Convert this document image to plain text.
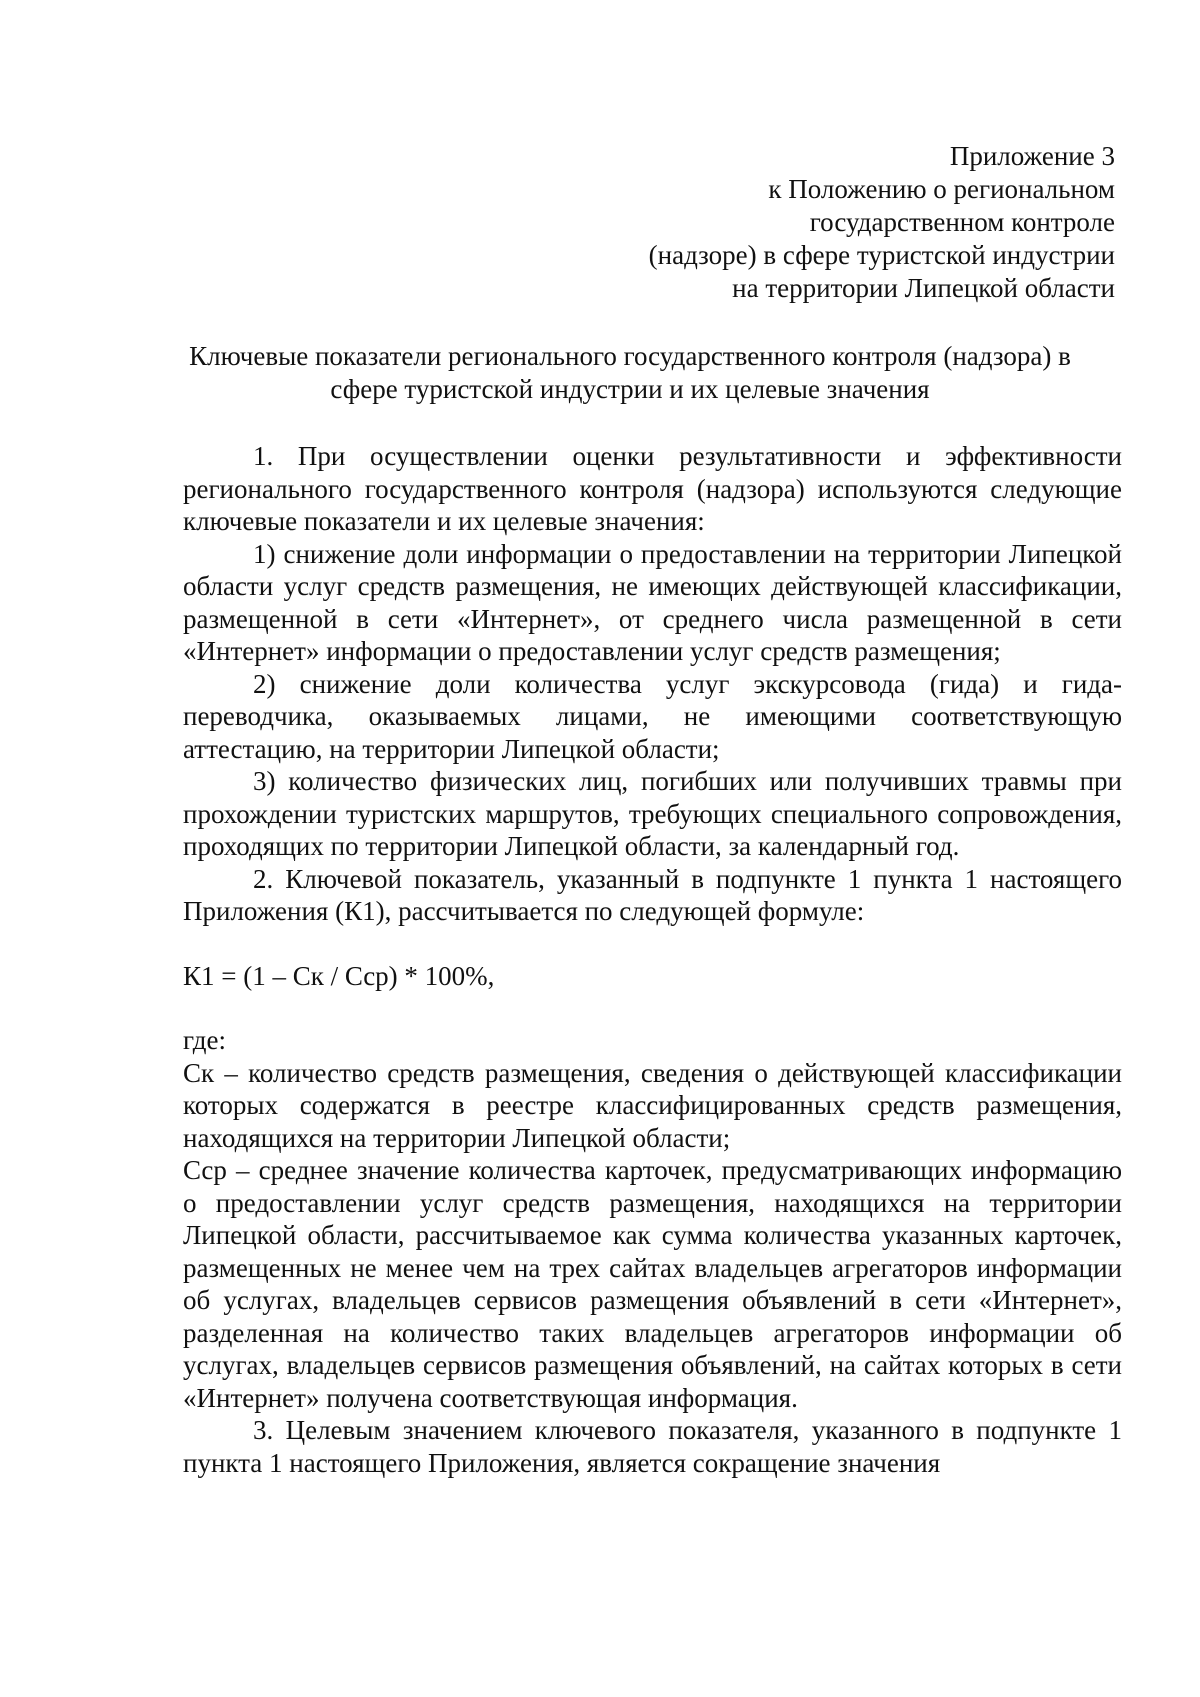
Приложение 3
к Положению о региональном
государственном контроле
(надзоре) в сфере туристской индустрии
на территории Липецкой области
Ключевые показатели регионального государственного контроля (надзора) в
сфере туристской индустрии и их целевые значения

1. При осуществлении оценки результативности и эффективности регионального государственного контроля (надзора) используются следующие ключевые показатели и их целевые значения:

1) снижение доли информации о предоставлении на территории Липецкой области услуг средств размещения, не имеющих действующей классификации, размещенной в сети «Интернет», от среднего числа размещенной в сети «Интернет» информации о предоставлении услуг средств размещения;

2) снижение доли количества услуг экскурсовода (гида) и гида-переводчика, оказываемых лицами, не имеющими соответствующую аттестацию, на территории Липецкой области;

3) количество физических лиц, погибших или получивших травмы при прохождении туристских маршрутов, требующих специального сопровождения, проходящих по территории Липецкой области, за календарный год.

2. Ключевой показатель, указанный в подпункте 1 пункта 1 настоящего Приложения (К1), рассчитывается по следующей формуле:

К1 = (1 – Ск / Сср) * 100%,

где:

Ск – количество средств размещения, сведения о действующей классификации которых содержатся в реестре классифицированных средств размещения, находящихся на территории Липецкой области;

Сср – среднее значение количества карточек, предусматривающих информацию о предоставлении услуг средств размещения, находящихся на территории Липецкой области, рассчитываемое как сумма количества указанных карточек, размещенных не менее чем на трех сайтах владельцев агрегаторов информации об услугах, владельцев сервисов размещения объявлений в сети «Интернет», разделенная на количество таких владельцев агрегаторов информации об услугах, владельцев сервисов размещения объявлений, на сайтах которых в сети «Интернет» получена соответствующая информация.

3. Целевым значением ключевого показателя, указанного в подпункте 1 пункта 1 настоящего Приложения, является сокращение значения
